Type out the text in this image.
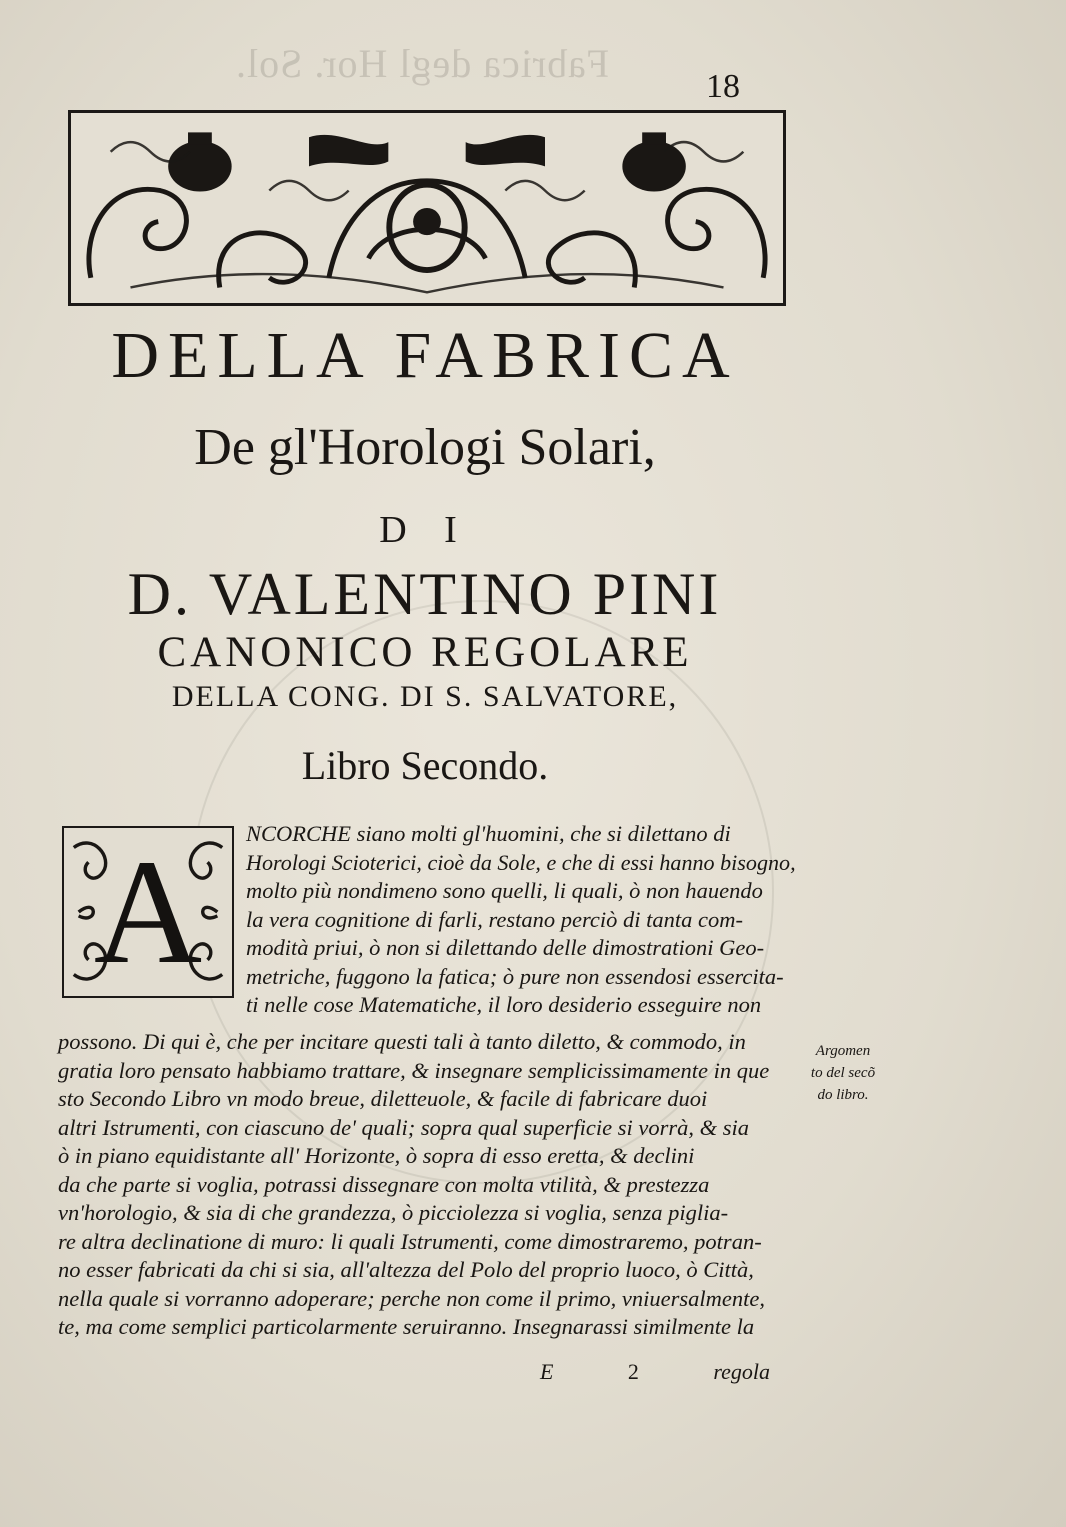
Fabrica degl Hor. Sol.
18
DELLA FABRICA
De gl'Horologi Solari,
D I
D. VALENTINO PINI
CANONICO REGOLARE
DELLA CONG. DI S. SALVATORE,
Libro Secondo.
A	NCORCHE siano molti gl'huomini, che si dilettano di
Horologi Scioterici, cioè da Sole, e che di essi hanno bisogno,
molto più nondimeno sono quelli, li quali, ò non hauendo
la vera cognitione di farli, restano perciò di tanta com-
modità priui, ò non si dilettando delle dimostrationi Geo-
metriche, fuggono la fatica; ò pure non essendosi essercita-
ti nelle cose Matematiche, il loro desiderio esseguire non
possono. Di qui è, che per incitare questi tali à tanto diletto, & commodo, in
gratia loro pensato habbiamo trattare, & insegnare semplicissimamente in que
sto Secondo Libro vn modo breue, diletteuole, & facile di fabricare duoi
altri Istrumenti, con ciascuno de' quali; sopra qual superficie si vorrà, & sia
ò in piano equidistante all' Horizonte, ò sopra di esso eretta, & declini
da che parte si voglia, potrassi dissegnare con molta vtilità, & prestezza
vn'horologio, & sia di che grandezza, ò picciolezza si voglia, senza piglia-
re altra declinatione di muro: li quali Istrumenti, come dimostraremo, potran-
no esser fabricati da chi si sia, all'altezza del Polo del proprio luoco, ò Città,
nella quale si vorranno adoperare; perche non come il primo, vniuersalmente,
te, ma come semplici particolarmente seruiranno. Insegnarassi similmente la
E	2	regola
Argomen
to del secõ
do libro.
